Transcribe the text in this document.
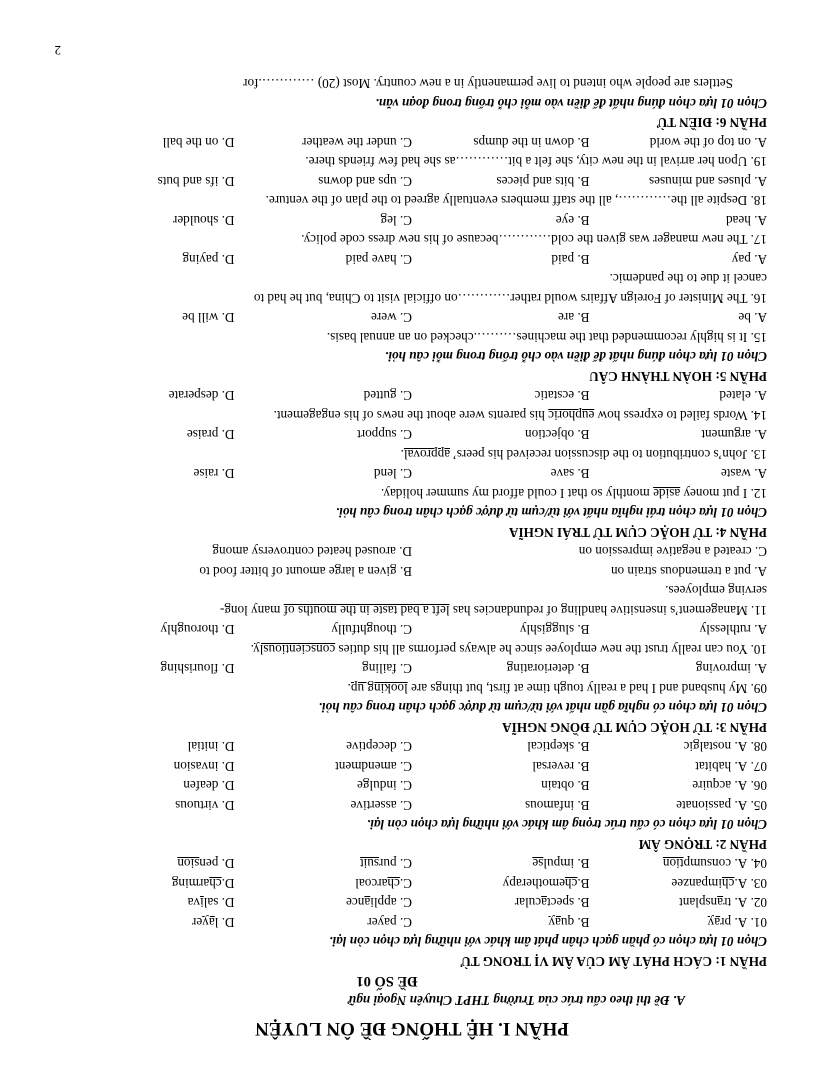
PHẦN I. HỆ THỐNG ĐỀ ÔN LUYỆN
A. Đề thi theo cấu trúc của Trường THPT Chuyên Ngoại ngữ
ĐỀ SỐ 01
PHẦN 1: CÁCH PHÁT ÂM CỦA ÂM VỊ TRONG TỪ
Chọn 01 lựa chọn có phần gạch chân phát âm khác với những lựa chọn còn lại.
01. A. pray
B. quay
C. payer
D. layer
02. A. transplant
B. spectacular
C. appliance
D. saliva
03. A.chimpanzee
B.chemotherapy
C.charcoal
D.charming
04. A. consumption
B. impulse
C. pursuit
D. pension
PHẦN 2: TRỌNG ÂM
Chọn 01 lựa chọn có cấu trúc trọng âm khác với những lựa chọn còn lại.
05. A. passionate
B. infamous
C. assertive
D. virtuous
06. A. acquire
B. obtain
C. indulge
D. deafen
07. A. habitat
B. reversal
C. amendment
D. invasion
08. A. nostalgic
B. skeptical
C. deceptive
D. initial
PHẦN 3: TỪ HOẶC CỤM TỪ ĐỒNG NGHĨA
Chọn 01 lựa chọn có nghĩa gần nhất với từ/cụm từ được gạch chân trong câu hỏi.
09. My husband and I had a really tough time at first, but things are looking up.
A. improving
B. deteriorating
C. failing
D. flourishing
10. You can really trust the new employee since he always performs all his duties conscientiously.
A. ruthlessly
B. sluggishly
C. thoughtfully
D. thoroughly
11. Management’s insensitive handling of redundancies has left a bad taste in the mouths of many long-
serving employees.
A. put a tremendous strain on
B. given a large amount of bitter food to
C. created a negative impression on
D. aroused heated controversy among
PHẦN 4: TỪ HOẶC CỤM TỪ TRÁI NGHĨA
Chọn 01 lựa chọn trái nghĩa nhất với từ/cụm từ được gạch chân trong câu hỏi.
12. I put money aside monthly so that I could afford my summer holiday.
A. waste
B. save
C. lend
D. raise
13. John’s contribution to the discussion received his peers’ approval.
A. argument
B. objection
C. support
D. praise
14. Words failed to express how euphoric his parents were about the news of his engagement.
A. elated
B. ecstatic
C. gutted
D. desperate
PHẦN 5: HOÀN THÀNH CÂU
Chọn 01 lựa chọn đúng nhất để điền vào chỗ trống trong mỗi câu hỏi.
15. It is highly recommended that the machines……….checked on an annual basis.
A. be
B. are
C. were
D. will be
16. The Minister of Foreign Affairs would rather…………on official visit to China, but he had to
cancel it due to the pandemic.
A. pay
B. paid
C. have paid
D. paying
17. The new manager was given the cold…………because of his new dress code policy.
A. head
B. eye
C. leg
D. shoulder
18. Despite all the…………, all the staff members eventually agreed to the plan of the venture.
A. pluses and minuses
B. bits and pieces
C. ups and downs
D. ifs and buts
19. Upon her arrival in the new city, she felt a bit…………as she had few friends there.
A. on top of the world
B. down in the dumps
C. under the weather
D. on the ball
PHẦN 6: ĐIỀN TỪ
Chọn 01 lựa chọn đúng nhất để điền vào mỗi chỗ trống trong đoạn văn.
Settlers are people who intend to live permanently in a new country. Most (20) ………….for
2
